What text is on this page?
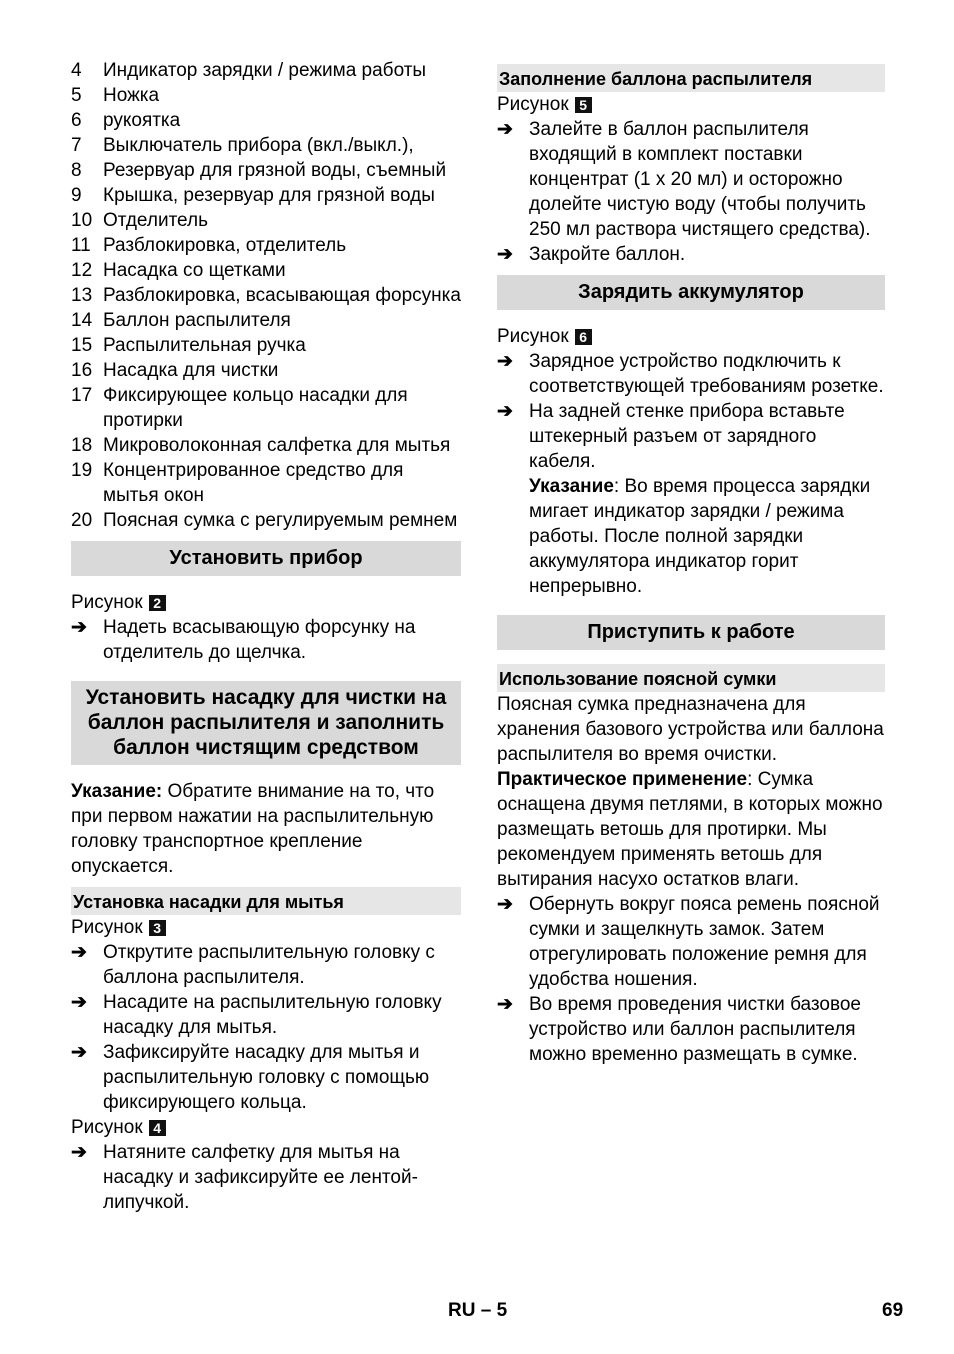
4	Индикатор зарядки / режима работы
5	Ножка
6	рукоятка
7	Выключатель прибора (вкл./выкл.),
8	Резервуар для грязной воды, съемный
9	Крышка, резервуар для грязной воды
10 Отделитель
11 Разблокировка, отделитель
12 Насадка со щетками
13 Разблокировка, всасывающая форсунка
14 Баллон распылителя
15 Распылительная ручка
16 Насадка для чистки
17 Фиксирующее кольцо насадки для протирки
18 Микроволоконная салфетка для мытья
19 Концентрированное средство для мытья окон
20 Поясная сумка с регулируемым ремнем
Установить прибор
Рисунок 2
➔ Надеть всасывающую форсунку на отделитель до щелчка.
Установить насадку для чистки на баллон распылителя и заполнить баллон чистящим средством

Указание: Обратите внимание на то, что при первом нажатии на распылительную головку транспортное крепление опускается.

Установка насадки для мытья
Рисунок 3
➔ Открутите распылительную головку с баллона распылителя.
➔ Насадите на распылительную головку насадку для мытья.
➔ Зафиксируйте насадку для мытья и распылительную головку с помощью фиксирующего кольца.
Рисунок 4
➔ Натяните салфетку для мытья на насадку и зафиксируйте ее лентой-липучкой.
Заполнение баллона распылителя
Рисунок 5
➔ Залейте в баллон распылителя входящий в комплект поставки концентрат (1 х 20 мл) и осторожно долейте чистую воду (чтобы получить 250 мл раствора чистящего средства).
➔ Закройте баллон.
Зарядить аккумулятор
Рисунок 6
➔ Зарядное устройство подключить к соответствующей требованиям розетке.
➔ На задней стенке прибора вставьте штекерный разъем от зарядного кабеля.

Указание: Во время процесса зарядки мигает индикатор зарядки / режима работы. После полной зарядки аккумулятора индикатор горит непрерывно.

Приступить к работе
Использование поясной сумки

Поясная сумка предназначена для хранения базового устройства или баллона распылителя во время очистки.

Практическое применение: Сумка оснащена двумя петлями, в которых можно размещать ветошь для протирки. Мы рекомендуем применять ветошь для вытирания насухо остатков влаги.

➔ Обернуть вокруг пояса ремень поясной сумки и защелкнуть замок. Затем отрегулировать положение ремня для удобства ношения.
➔ Во время проведения чистки базовое устройство или баллон распылителя можно временно размещать в сумке.
RU – 5	69
